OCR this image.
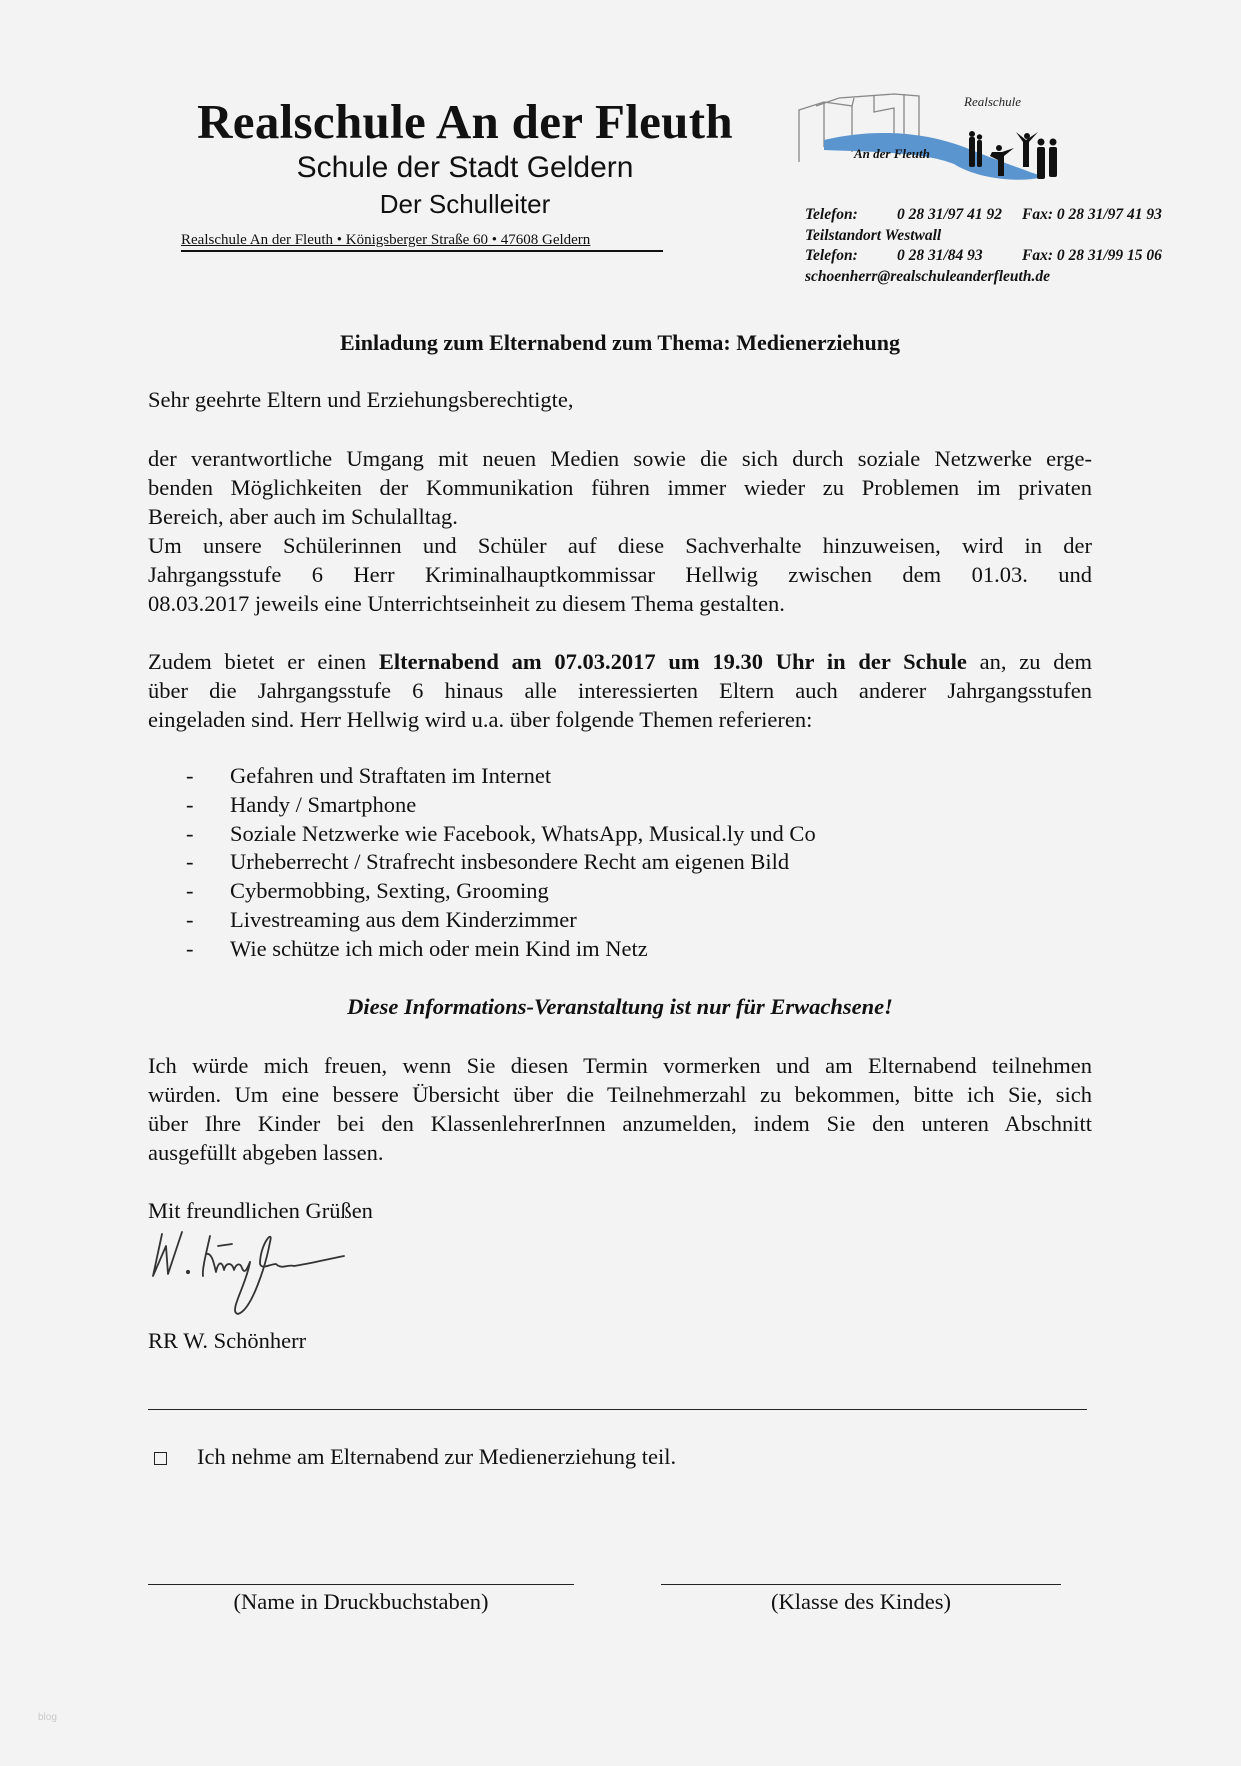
Realschule An der Fleuth
Schule der Stadt Geldern
Der Schulleiter
Realschule An der Fleuth • Königsberger Straße 60 • 47608 Geldern
Realschule
An der Fleuth
Telefon:	0 28 31/97 41 92	Fax: 0 28 31/97 41 93
Teilstandort Westwall
Telefon:	0 28 31/84 93	Fax: 0 28 31/99 15 06
schoenherr@realschuleanderfleuth.de
Einladung zum Elternabend zum Thema: Medienerziehung
Sehr geehrte Eltern und Erziehungsberechtigte,
der verantwortliche Umgang mit neuen Medien sowie die sich durch soziale Netzwerke erge-
benden Möglichkeiten der Kommunikation führen immer wieder zu Problemen im privaten
Bereich, aber auch im Schulalltag.
Um unsere Schülerinnen und Schüler auf diese Sachverhalte hinzuweisen, wird in der
Jahrgangsstufe 6 Herr Kriminalhauptkommissar Hellwig zwischen dem 01.03. und
08.03.2017 jeweils eine Unterrichtseinheit zu diesem Thema gestalten.
Zudem bietet er einen Elternabend am 07.03.2017 um 19.30 Uhr in der Schule an, zu dem
über die Jahrgangsstufe 6 hinaus alle interessierten Eltern auch anderer Jahrgangsstufen
eingeladen sind. Herr Hellwig wird u.a. über folgende Themen referieren:
-	Gefahren und Straftaten im Internet
-	Handy / Smartphone
-	Soziale Netzwerke wie Facebook, WhatsApp, Musical.ly und Co
-	Urheberrecht / Strafrecht insbesondere Recht am eigenen Bild
-	Cybermobbing, Sexting, Grooming
-	Livestreaming aus dem Kinderzimmer
-	Wie schütze ich mich oder mein Kind im Netz
Diese Informations-Veranstaltung ist nur für Erwachsene!
Ich würde mich freuen, wenn Sie diesen Termin vormerken und am Elternabend teilnehmen
würden. Um eine bessere Übersicht über die Teilnehmerzahl zu bekommen, bitte ich Sie, sich
über Ihre Kinder bei den KlassenlehrerInnen anzumelden, indem Sie den unteren Abschnitt
ausgefüllt abgeben lassen.
Mit freundlichen Grüßen
RR W. Schönherr
Ich nehme am Elternabend zur Medienerziehung teil.
(Name in Druckbuchstaben)	(Klasse des Kindes)
blog
